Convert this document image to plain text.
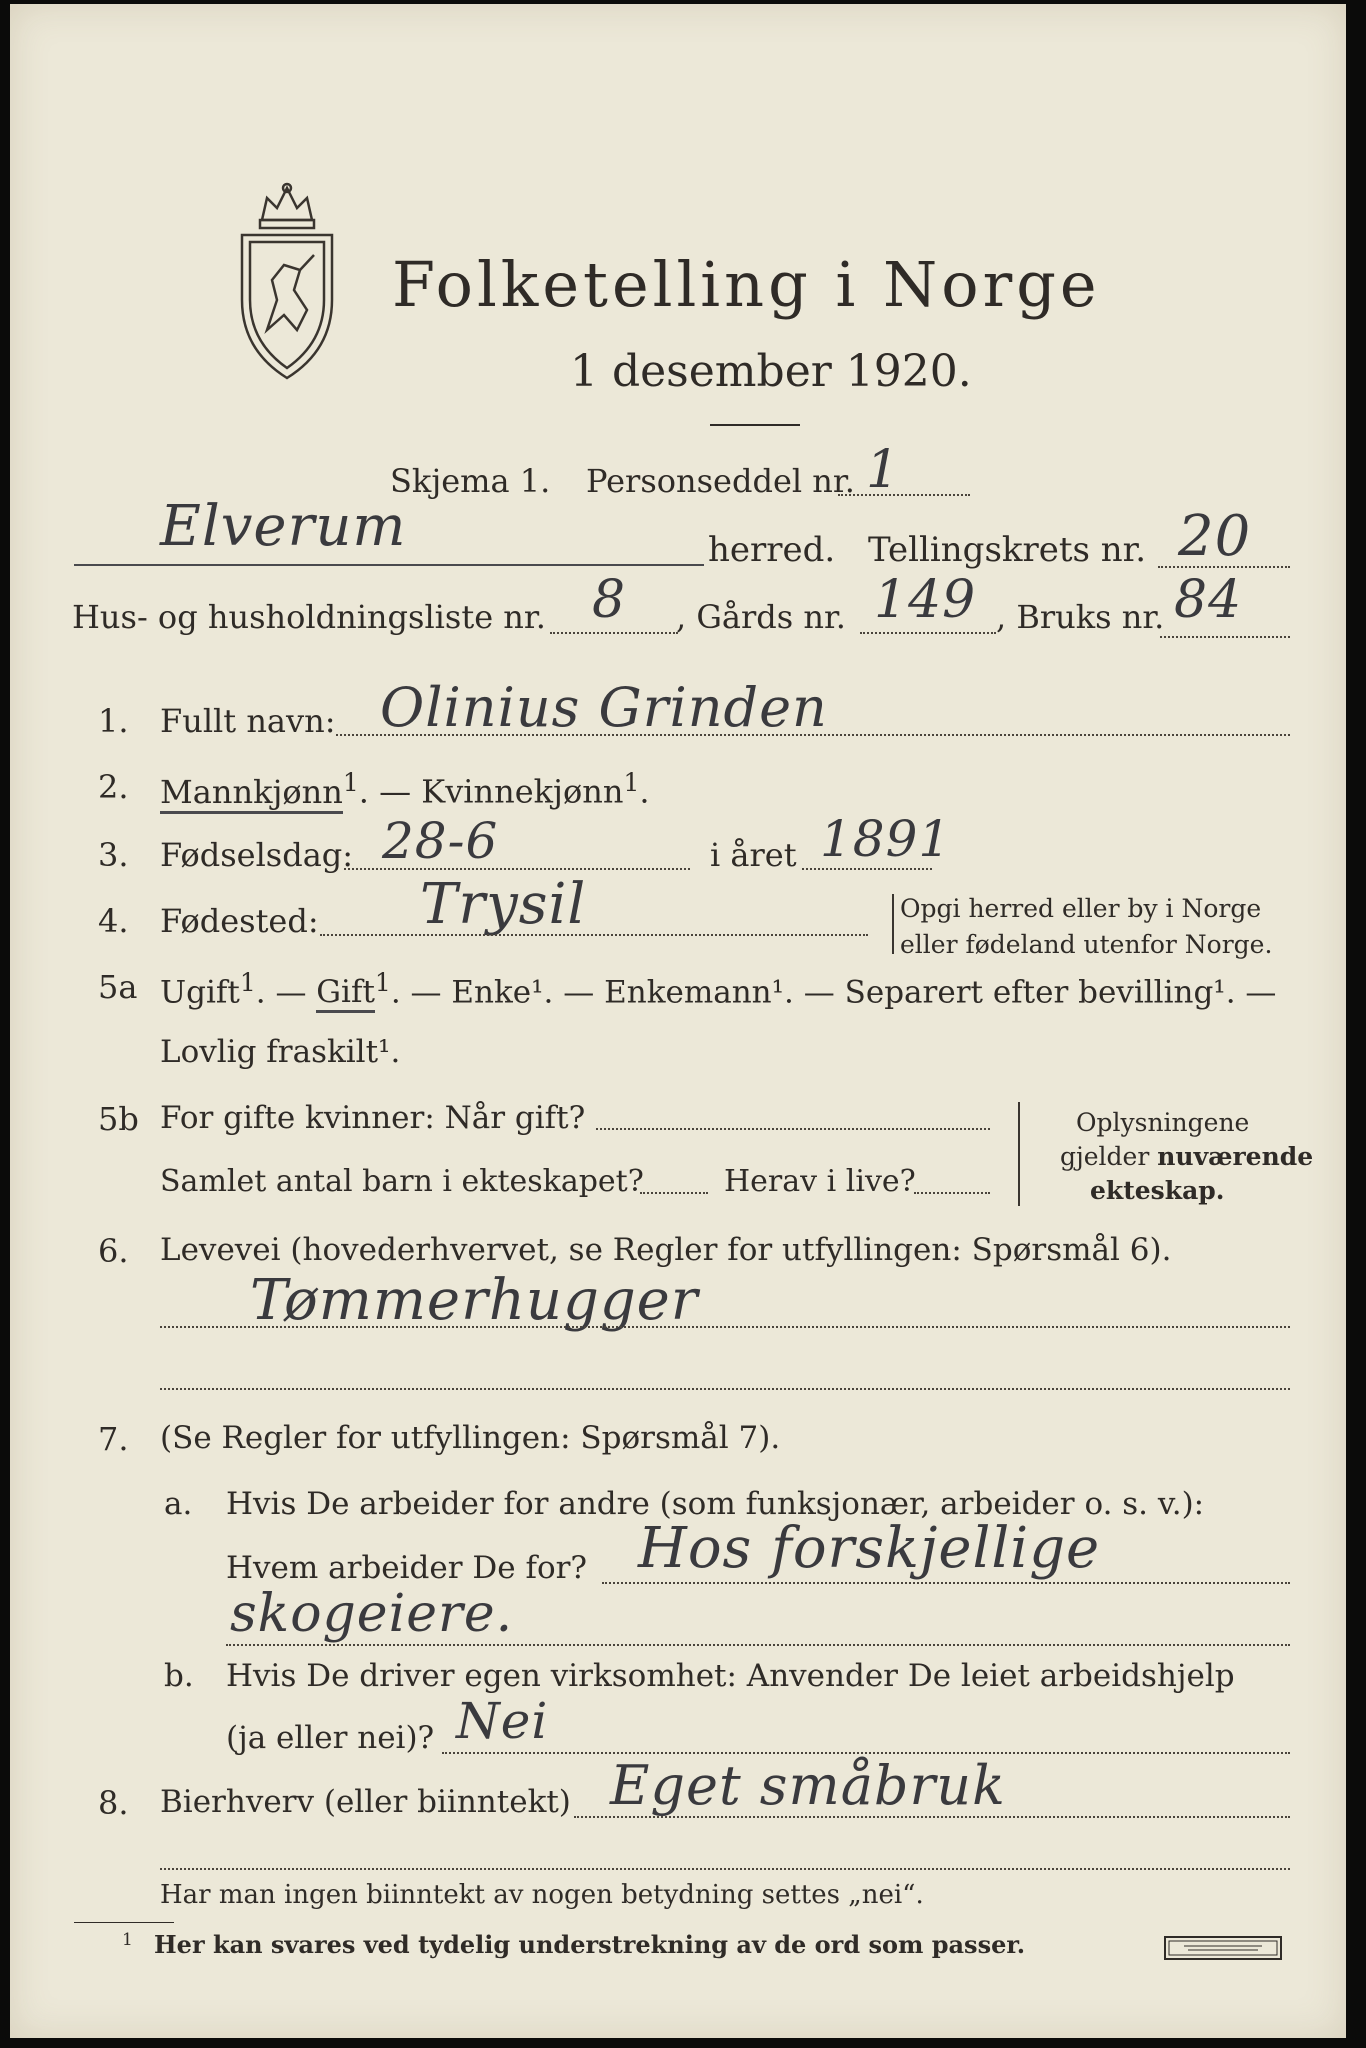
Folketelling i Norge
1 desember 1920.
Skjema 1. Personseddel nr. 1
Elverum	herred. Tellingskrets nr. 20
Hus- og husholdningsliste nr. 8 , Gårds nr. 149 , Bruks nr. 84
1. Fullt navn: Olinius Grinden
2. Mannkjønn$^1$. — Kvinnekjønn$^1$.
3. Fødselsdag: 28-6	i året 1891
4. Fødested: Trysil	Opgi herred eller by i Norge
eller fødeland utenfor Norge.
5a Ugift$^1$. — Gift$^1$. — Enke¹. — Enkemann¹. — Separert efter bevilling¹. —
Lovlig fraskilt¹.
5b For gifte kvinner: Når gift?
Samlet antal barn i ekteskapet?	Herav i live?
Oplysningene
gjelder nuværende
ekteskap.
6. Levevei (hovederhvervet, se Regler for utfyllingen: Spørsmål 6).
Tømmerhugger
7. (Se Regler for utfyllingen: Spørsmål 7).
a. Hvis De arbeider for andre (som funksjonær, arbeider o. s. v.):
Hvem arbeider De for? Hos forskjellige
skogeiere.
b. Hvis De driver egen virksomhet: Anvender De leiet arbeidshjelp
(ja eller nei)? Nei
8. Bierhverv (eller biinntekt) Eget småbruk
Har man ingen biinntekt av nogen betydning settes „nei“.
1 Her kan svares ved tydelig understrekning av de ord som passer.
